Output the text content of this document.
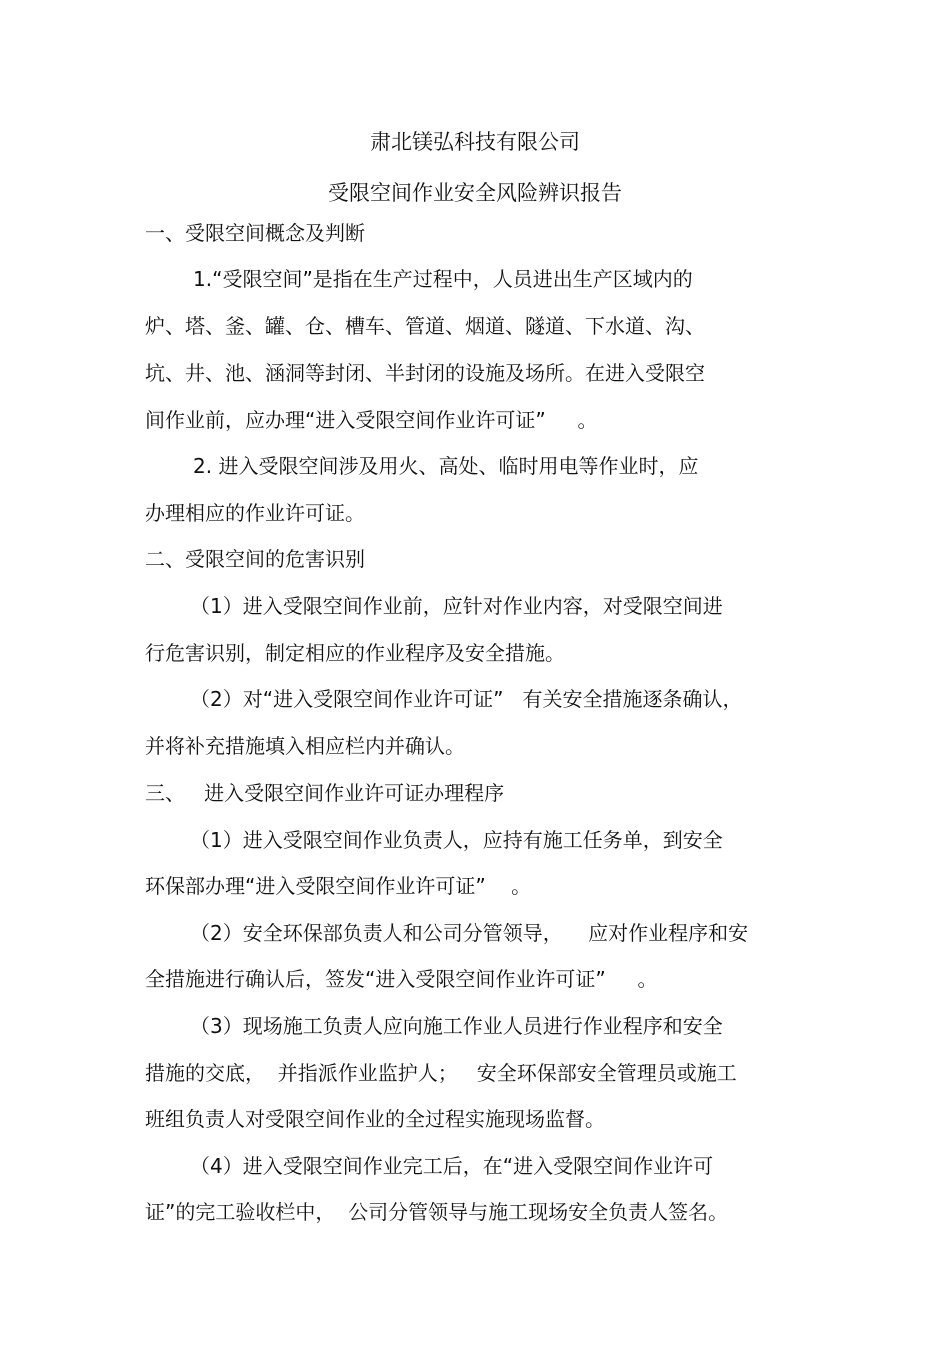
肃北镁弘科技有限公司
受限空间作业安全风险辨识报告
一、受限空间概念及判断
1.“受限空间”是指在生产过程中，人员进出生产区域内的
炉、塔、釜、罐、仓、槽车、管道、烟道、隧道、下水道、沟、
坑、井、池、涵洞等封闭、半封闭的设施及场所。在进入受限空
间作业前，应办理“进入受限空间作业许可证”     。
2. 进入受限空间涉及用火、高处、临时用电等作业时，应
办理相应的作业许可证。
二、受限空间的危害识别
（1）进入受限空间作业前，应针对作业内容，对受限空间进
行危害识别，制定相应的作业程序及安全措施。
（2）对“进入受限空间作业许可证”   有关安全措施逐条确认，
并将补充措施填入相应栏内并确认。
三、   进入受限空间作业许可证办理程序
（1）进入受限空间作业负责人，应持有施工任务单，到安全
环保部办理“进入受限空间作业许可证”    。
（2）安全环保部负责人和公司分管领导，    应对作业程序和安
全措施进行确认后，签发“进入受限空间作业许可证”     。
（3）现场施工负责人应向施工作业人员进行作业程序和安全
措施的交底，  并指派作业监护人；   安全环保部安全管理员或施工
班组负责人对受限空间作业的全过程实施现场监督。
（4）进入受限空间作业完工后，在“进入受限空间作业许可
证”的完工验收栏中，  公司分管领导与施工现场安全负责人签名。
